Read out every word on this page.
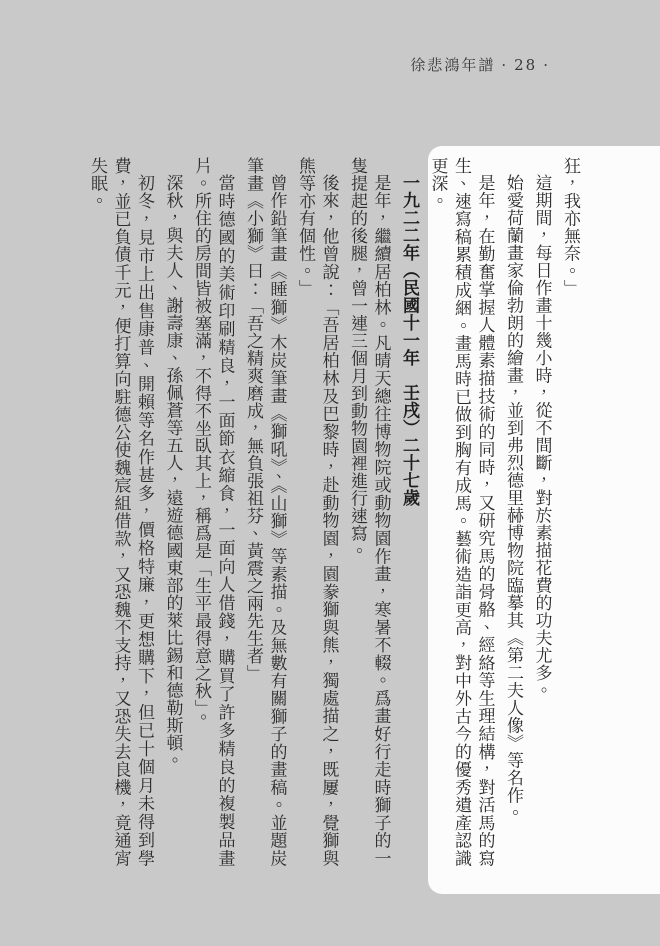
徐悲鴻年譜 · 28 ·

狂，我亦無奈。」

這期間，每日作畫十幾小時，從不間斷，對於素描花費的功夫尤多。

始愛荷蘭畫家倫勃朗的繪畫，並到弗烈德里赫博物院臨摹其《第二夫人像》等名作。

是年，在勤奮掌握人體素描技術的同時，又研究馬的骨骼、經絡等生理結構，對活馬的寫生、速寫稿累積成綑。畫馬時已做到胸有成馬。藝術造詣更高，對中外古今的優秀遺產認識更深。

一九二二年（民國十一年　壬戌）二十七歲

是年，繼續居柏林。凡晴天總往博物院或動物園作畫，寒暑不輟。爲畫好行走時獅子的一隻提起的後腿，曾一連三個月到動物園裡進行速寫。

後來，他曾說：「吾居柏林及巴黎時，赴動物園，園豢獅與熊，獨處描之，既屢，覺獅與熊等亦有個性。」

曾作鉛筆畫《睡獅》木炭筆畫《獅吼》、《山獅》等素描。及無數有關獅子的畫稿。並題炭筆畫《小獅》曰：「吾之精爽磨成，無負張祖芬、黃震之兩先生者」

當時德國的美術印刷精良，一面節衣縮食，一面向人借錢，購買了許多精良的複製品畫片。所住的房間皆被塞滿，不得不坐臥其上，稱爲是「生平最得意之秋」。

深秋，與夫人、謝壽康、孫佩蒼等五人，遠遊德國東部的萊比錫和德勒斯頓。

初冬，見市上出售康普、開賴等名作甚多，價格特廉，更想購下，但已十個月未得到學費，並已負債千元，便打算向駐德公使魏宸組借款，又恐魏不支持，又恐失去良機，竟通宵失眠。
